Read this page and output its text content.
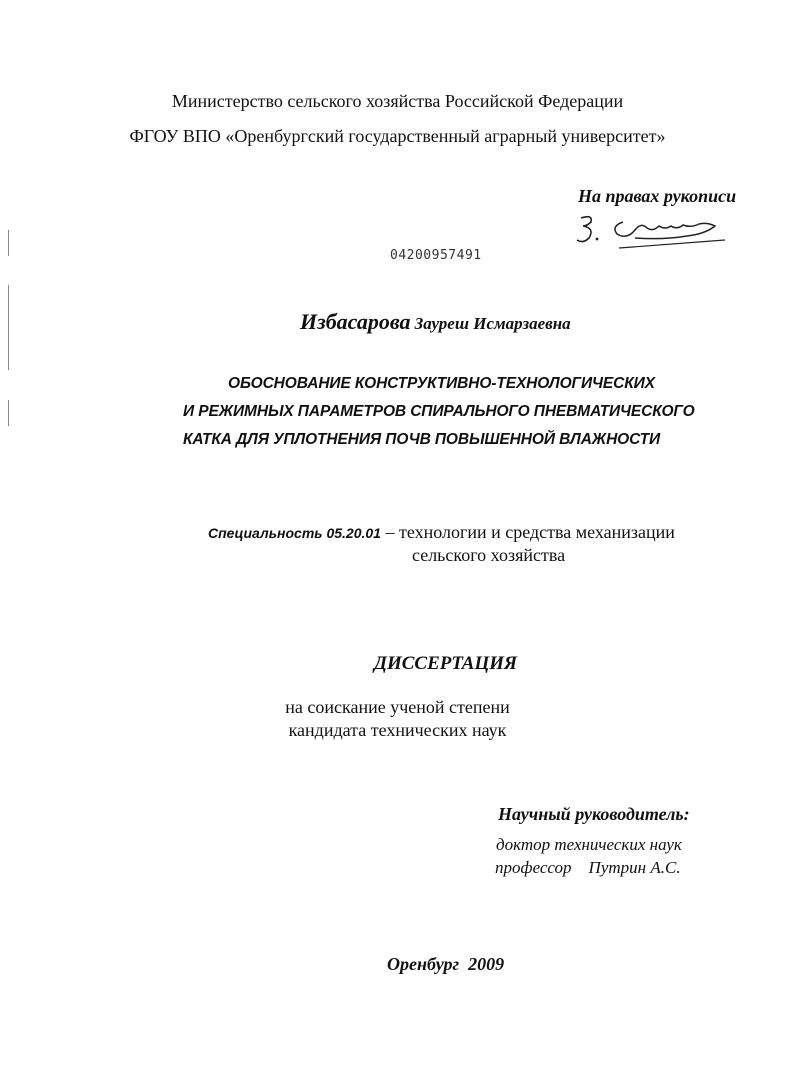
Министерство сельского хозяйства Российской Федерации
ФГОУ ВПО «Оренбургский государственный аграрный университет»
На правах рукописи
04200957491
Избасарова Зауреш Исмарзаевна
ОБОСНОВАНИЕ КОНСТРУКТИВНО-ТЕХНОЛОГИЧЕСКИХ
И РЕЖИМНЫХ ПАРАМЕТРОВ СПИРАЛЬНОГО ПНЕВМАТИЧЕСКОГО
КАТКА ДЛЯ УПЛОТНЕНИЯ ПОЧВ ПОВЫШЕННОЙ ВЛАЖНОСТИ
Специальность 05.20.01 – технологии и средства механизации
сельского хозяйства
ДИССЕРТАЦИЯ
на соискание ученой степени
кандидата технических наук
Научный руководитель:
доктор технических наук
профессор    Путрин А.С.
Оренбург  2009
